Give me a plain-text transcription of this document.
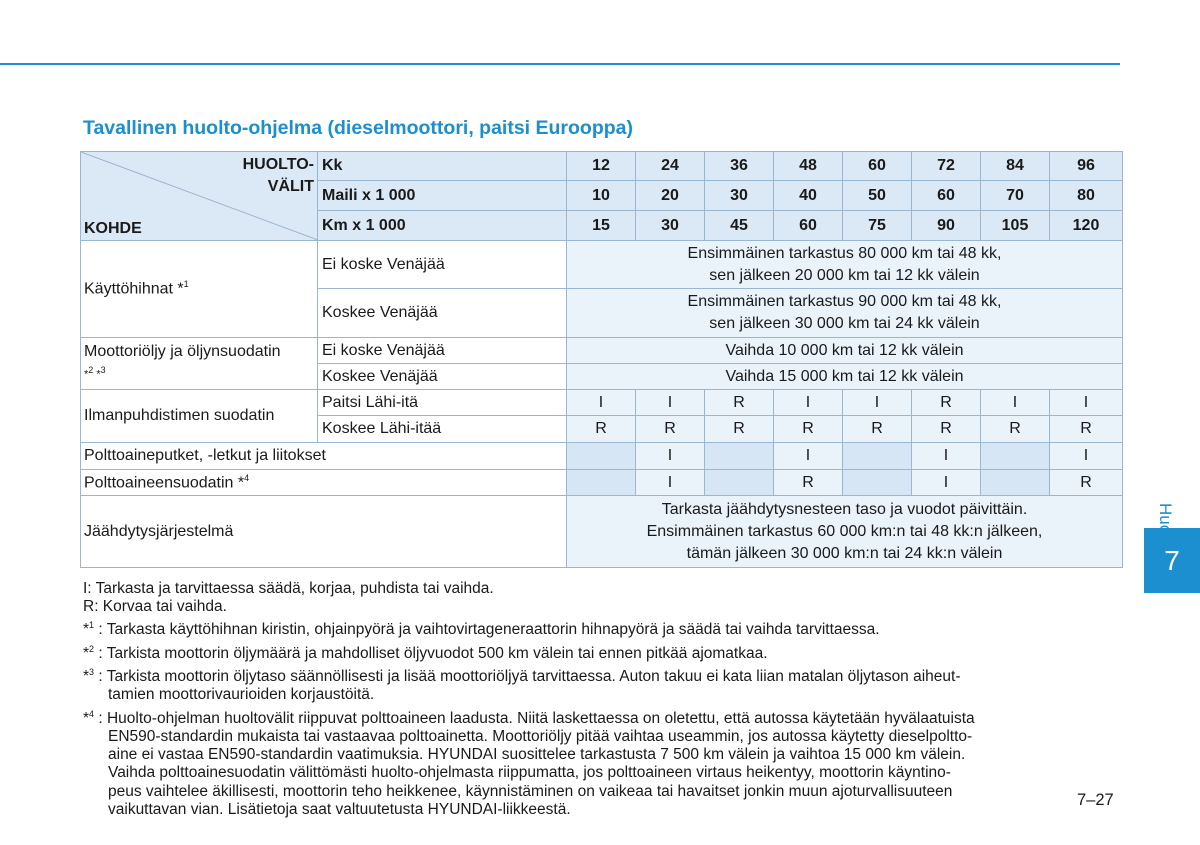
Tavallinen huolto-ohjelma (dieselmoottori, paitsi Eurooppa)
HUOLTO-
VÄLIT
KOHDE	Kk	12	24	36	48	60	72	84	96
	Maili x 1 000	10	20	30	40	50	60	70	80
	Km x 1 000	15	30	45	60	75	90	105	120
Käyttöhihnat *$^1$	Ei koske Venäjää	Ensimmäinen tarkastus 80 000 km tai 48 kk,
sen jälkeen 20 000 km tai 12 kk välein							

	Koskee Venäjää	Ensimmäinen tarkastus 90 000 km tai 48 kk,
sen jälkeen 30 000 km tai 24 kk välein							

Moottoriöljy ja öljynsuodatin
*$^2$ *$^3$	Ei koske Venäjää	Vaihda 10 000 km tai 12 kk välein							
	Koskee Venäjää	Vaihda 15 000 km tai 12 kk välein							
Ilmanpuhdistimen suodatin	Paitsi Lähi-itä	I	I	R	I	I	R	I	I
	Koskee Lähi-itää	R	R	R	R	R	R	R	R
Polttoaineputket, -letkut ja liitokset			I		I		I		I
Polttoaineensuodatin *$^4$			I		R		I		R
Jäähdytysjärjestelmä		Tarkasta jäähdytysnesteen taso ja vuodot päivittäin.
Ensimmäinen tarkastus 60 000 km:n tai 48 kk:n jälkeen,
tämän jälkeen 30 000 km:n tai 24 kk:n välein							
I: Tarkasta ja tarvittaessa säädä, korjaa, puhdista tai vaihda.
R: Korvaa tai vaihda.
*$^1$ : Tarkasta käyttöhihnan kiristin, ohjainpyörä ja vaihtovirtageneraattorin hihnapyörä ja säädä tai vaihda tarvittaessa.
*$^2$ : Tarkista moottorin öljymäärä ja mahdolliset öljyvuodot 500 km välein tai ennen pitkää ajomatkaa.
*$^3$ : Tarkista moottorin öljytaso säännöllisesti ja lisää moottoriöljyä tarvittaessa. Auton takuu ei kata liian matalan öljytason aiheut-
tamien moottorivaurioiden korjaustöitä.
*$^4$ : Huolto-ohjelman huoltovälit riippuvat polttoaineen laadusta. Niitä laskettaessa on oletettu, että autossa käytetään hyvälaatuista
EN590-standardin mukaista tai vastaavaa polttoainetta. Moottoriöljy pitää vaihtaa useammin, jos autossa käytetty dieselpoltto-
aine ei vastaa EN590-standardin vaatimuksia. HYUNDAI suosittelee tarkastusta 7 500 km välein ja vaihtoa 15 000 km välein.
Vaihda polttoainesuodatin välittömästi huolto-ohjelmasta riippumatta, jos polttoaineen virtaus heikentyy, moottorin käyntino-
peus vaihtelee äkillisesti, moottorin teho heikkenee, käynnistäminen on vaikeaa tai havaitset jonkin muun ajoturvallisuuteen
vaikuttavan vian. Lisätietoja saat valtuutetusta HYUNDAI-liikkeestä.
7–27
7
